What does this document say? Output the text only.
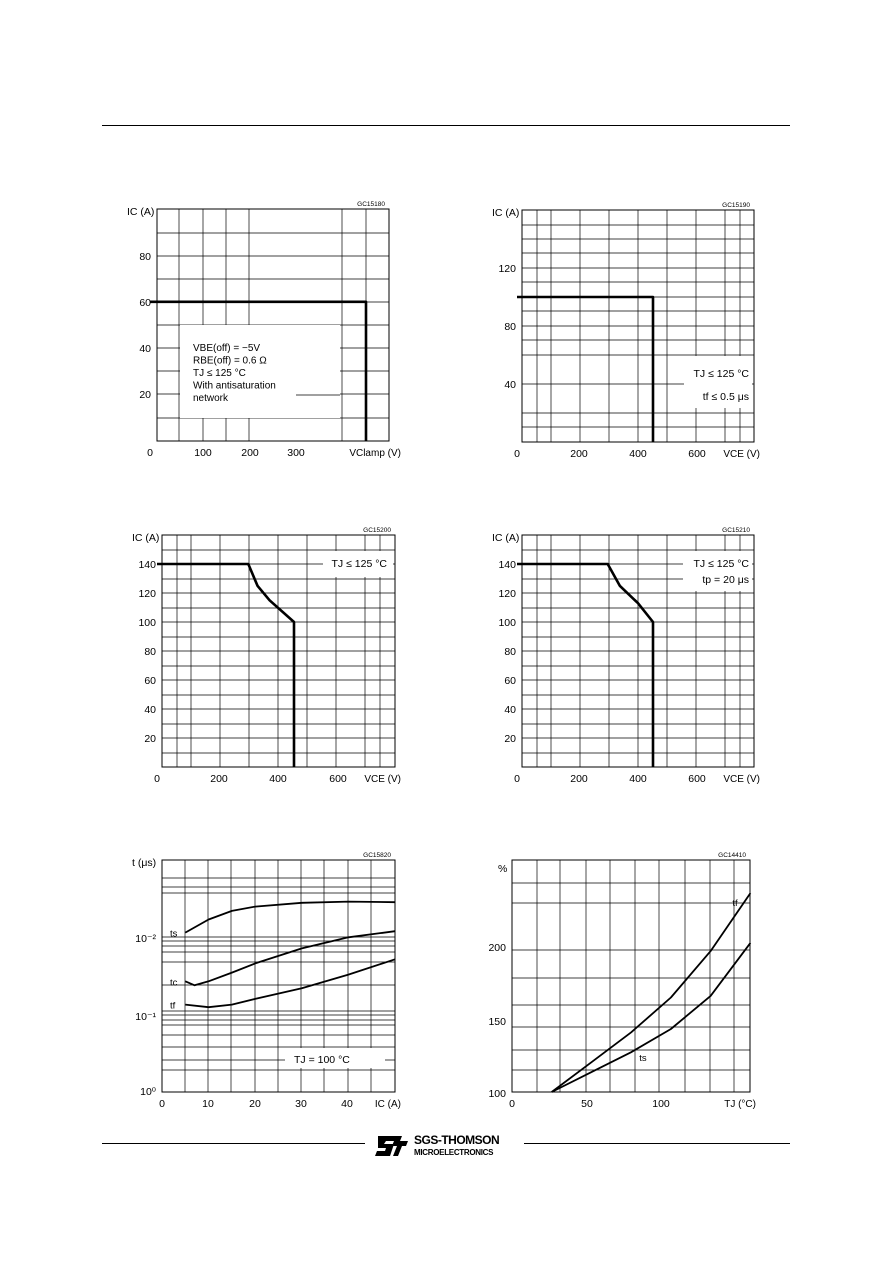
GC15180
IC (A)
20
40
60
80
0	100	200	300	VClamp (V)
VBE(off) = −5V
RBE(off) = 0.6 Ω
TJ ≤ 125 °C
With antisaturation
network
GC15190
IC (A)
40
80
120
0	200	400	600 VCE (V)
TJ ≤ 125 °C
tf ≤ 0.5 μs
GC15200
IC (A)
20
40
60
80
100
120
140
0	200	400	600 VCE (V)
TJ ≤ 125 °C
GC15210
IC (A)
20
40
60
80
100
120
140
0	200	400	600 VCE (V)
TJ ≤ 125 °C
tp = 20 μs
GC15820
t (μs)
10⁰
10⁻¹
10⁻²
0	10	20	30	40 IC (A)
ts
tc
tf
TJ = 100 °C
GC14410
%
100
150
200
0	50	100	TJ (°C)
tf
ts
SGS-THOMSON
MICROELECTRONICS
